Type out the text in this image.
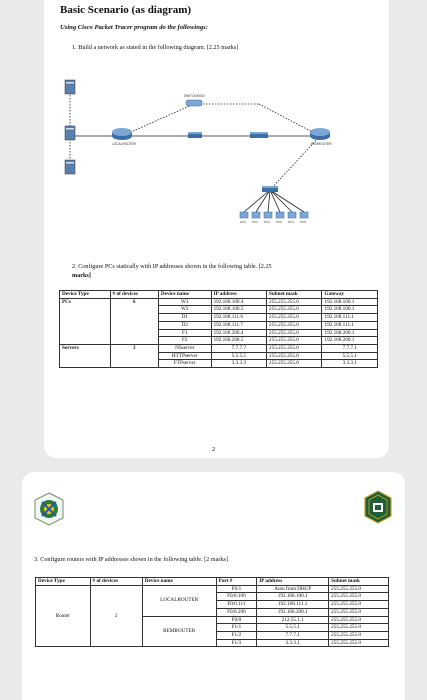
Basic Scenario (as diagram)
Using Cisco Packet Tracer program do the followings:
1. Build a network as stated in the following diagram. [2.25 marks]
LOCALROUTER
SWITCH/0000
REMROUTER
PC0 PC1 PC2 PC3 PC4 PC5
2. Configure PCs statically with IP addresses shown in the following table. [2.25
marks]
Device Type	# of devices	Device name	IP address	Subnet mask	Gateway
PCs	6	W1	192.168.100.4	255.255.255.0	192.168.100.1
		W2	192.168.100.5	255.255.255.0	192.168.100.1
		D1	192.168.111.6	255.255.255.0	192.168.111.1
		D2	192.168.111.7	255.255.255.0	192.168.111.1
		F1	192.168.200.4	255.255.255.0	192.168.200.1
		F2	192.168.200.5	255.255.255.0	192.168.200.1
Servers	3	NSserver	7.7.7.7	255.255.255.0	7.7.7.1
		HTTPserver	5.5.5.5	255.255.255.0	5.5.5.1
		FTPserver	3.3.3.3	255.255.255.0	3.3.3.1
2
3. Configure routers with IP addresses shown in the following table. [2 marks]
Device Type	# of devices	Device name	Port #	IP address	Subnet mask
Router	2	LOCALROUTER	F0/1	Auto from DHCP	255.255.255.0
			F0/0.100	192.168.100.1	255.255.255.0
			F0/0.111	192.168.111.1	255.255.255.0
			F0/0.200	192.168.200.1	255.255.255.0
		REMROUTER	F0/0	212.55.1.1	255.255.255.0
			F1/1	5.5.5.1	255.255.255.0
			F1/2	7.7.7.1	255.255.255.0
			F1/3	3.3.3.1	255.255.255.0
